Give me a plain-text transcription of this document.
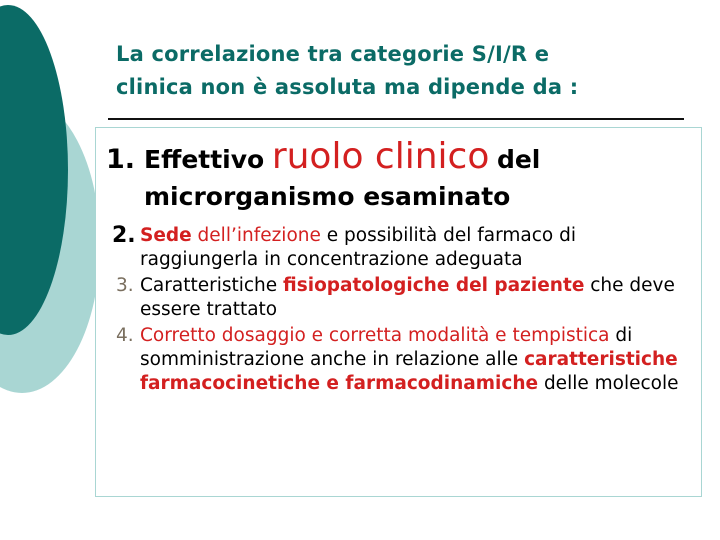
La correlazione tra categorie S/I/R e
clinica non è assoluta ma dipende da :
1. Effettivo ruolo clinico del
microrganismo esaminato
2. Sede dell’infezione e possibilità del farmaco di raggiungerla in concentrazione adeguata
3. Caratteristiche fisiopatologiche del paziente che deve essere trattato
4. Corretto dosaggio e corretta modalità e tempistica di somministrazione anche in relazione alle caratteristiche farmacocinetiche e farmacodinamiche delle molecole
